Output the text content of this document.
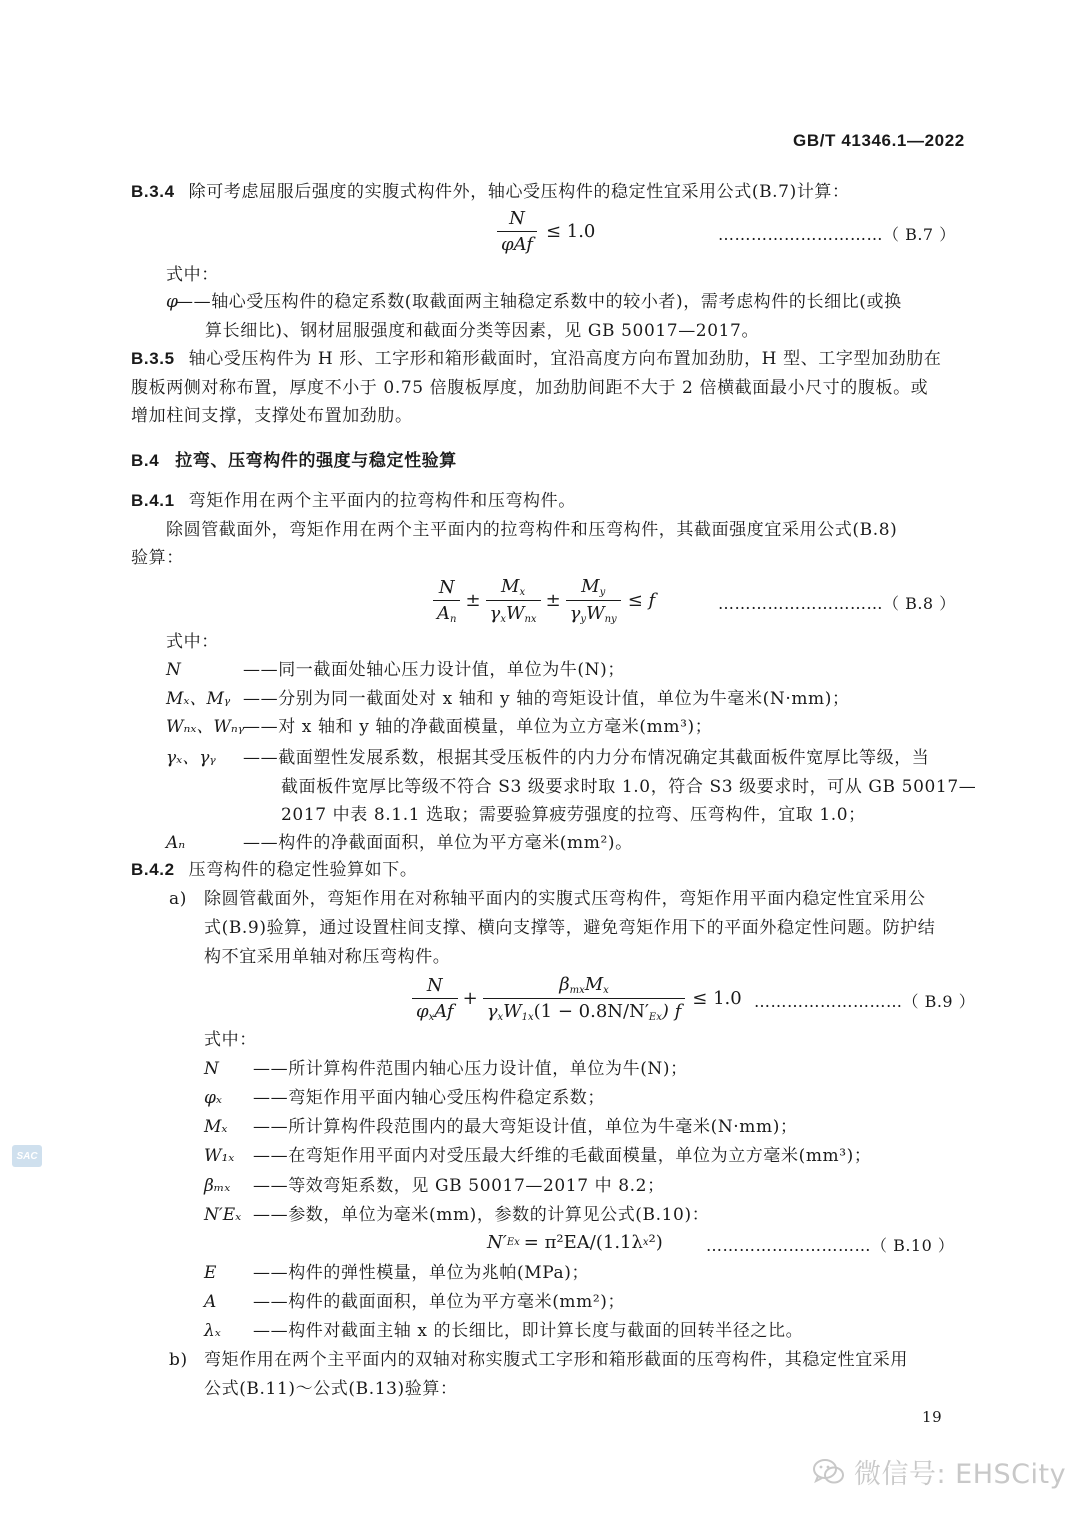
GB/T 41346.1—2022
B.3.4 除可考虑屈服后强度的实腹式构件外，轴心受压构件的稳定性宜采用公式(B.7)计算：
$\frac{N}{\text{φAf}} \le 1.0$	…………………………（ B.7 ）
式中：
φ
——轴心受压构件的稳定系数(取截面两主轴稳定系数中的较小者)，需考虑构件的长细比(或换
算长细比)、钢材屈服强度和截面分类等因素，见 GB 50017—2017。
B.3.5 轴心受压构件为 H 形、工字形和箱形截面时，宜沿高度方向布置加劲肋，H 型、工字型加劲肋在
腹板两侧对称布置，厚度不小于 0.75 倍腹板厚度，加劲肋间距不大于 2 倍横截面最小尺寸的腹板。或
增加柱间支撑，支撑处布置加劲肋。
B.4 拉弯、压弯构件的强度与稳定性验算
B.4.1 弯矩作用在两个主平面内的拉弯构件和压弯构件。
除圆管截面外，弯矩作用在两个主平面内的拉弯构件和压弯构件，其截面强度宜采用公式(B.8)
验算：
$\frac{N}{A_n} \pm \frac{M_x}{\gamma_xW_{nx}} \pm \frac{M_y}{\gamma_yW_{ny}} \le f$	…………………………（ B.8 ）
式中：
N	——同一截面处轴心压力设计值，单位为牛(N)；
Mₓ、Mᵧ ——分别为同一截面处对 x 轴和 y 轴的弯矩设计值，单位为牛毫米(N·mm)；
Wₙₓ、Wₙᵧ
——对 x 轴和 y 轴的净截面模量，单位为立方毫米(mm³)；
γₓ、γᵧ ——截面塑性发展系数，根据其受压板件的内力分布情况确定其截面板件宽厚比等级，当
截面板件宽厚比等级不符合 S3 级要求时取 1.0，符合 S3 级要求时，可从 GB 50017—
2017 中表 8.1.1 选取；需要验算疲劳强度的拉弯、压弯构件，宜取 1.0；
Aₙ	——构件的净截面面积，单位为平方毫米(mm²)。
B.4.2 压弯构件的稳定性验算如下。
a) 除圆管截面外，弯矩作用在对称轴平面内的实腹式压弯构件，弯矩作用平面内稳定性宜采用公
式(B.9)验算，通过设置柱间支撑、横向支撑等，避免弯矩作用下的平面外稳定性问题。防护结
构不宜采用单轴对称压弯构件。
$\frac{N}{\varphi_xAf} + \frac{\beta_{mx}M_x}{\gamma_xW_{1x}(1 - 0.8N/N'_{Ex}) f} \le 1.0$ ………………………（ B.9 ）
式中：
N ——所计算构件范围内轴心压力设计值，单位为牛(N)；
φₓ ——弯矩作用平面内轴心受压构件稳定系数；
Mₓ ——所计算构件段范围内的最大弯矩设计值，单位为牛毫米(N·mm)；
W₁ₓ ——在弯矩作用平面内对受压最大纤维的毛截面模量，单位为立方毫米(mm³)；
βₘₓ ——等效弯矩系数，见 GB 50017—2017 中 8.2；
N′Eₓ ——参数，单位为毫米(mm)，参数的计算见公式(B.10)：
N′ Ex = π²EA/(1.1λ x ²)	…………………………（ B.10 ）
E ——构件的弹性模量，单位为兆帕(MPa)；
A ——构件的截面面积，单位为平方毫米(mm²)；
λₓ ——构件对截面主轴 x 的长细比，即计算长度与截面的回转半径之比。
b) 弯矩作用在两个主平面内的双轴对称实腹式工字形和箱形截面的压弯构件，其稳定性宜采用
公式(B.11)～公式(B.13)验算：
19
SAC
微信号: EHSCity
